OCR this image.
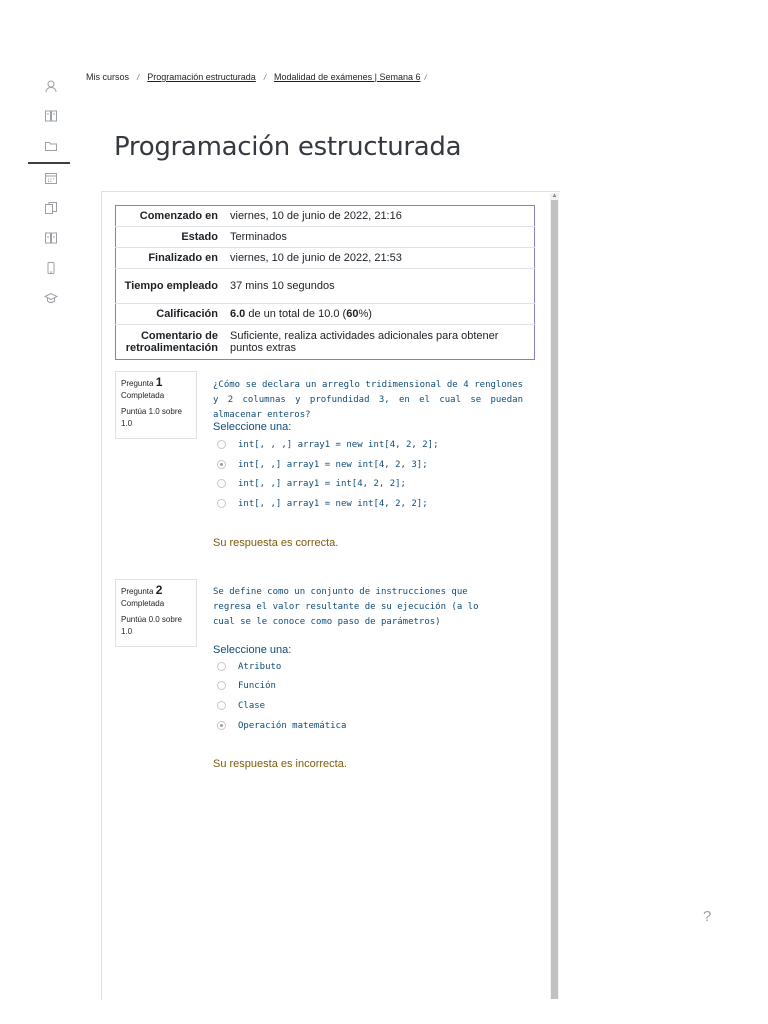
Mis cursos / Programación estructurada / Modalidad de exámenes | Semana 6 /
Programación estructurada
▲
Comenzado en	viernes, 10 de junio de 2022, 21:16
Estado	Terminados
Finalizado en	viernes, 10 de junio de 2022, 21:53
Tiempo empleado	37 mins 10 segundos
Calificación	6.0 de un total de 10.0 (60%)
Comentario de retroalimentación	Suficiente, realiza actividades adicionales para obtener puntos extras
Pregunta 1
Completada
Puntúa 1.0 sobre 1.0
¿Cómo se declara un arreglo tridimensional de 4 renglones y 2 columnas y profundidad 3, en el cual se puedan almacenar enteros?
Seleccione una:
int[, , ,] array1 = new int[4, 2, 2];
int[, ,] array1 = new int[4, 2, 3];
int[, ,] array1 = int[4, 2, 2];
int[, ,] array1 = new int[4, 2, 2];
Su respuesta es correcta.
Pregunta 2
Completada
Puntúa 0.0 sobre 1.0
Se define como un conjunto de instrucciones que regresa el valor resultante de su ejecución (a lo cual se le conoce como paso de parámetros)
Seleccione una:
Atributo
Función
Clase
Operación matemática
Su respuesta es incorrecta.
?
